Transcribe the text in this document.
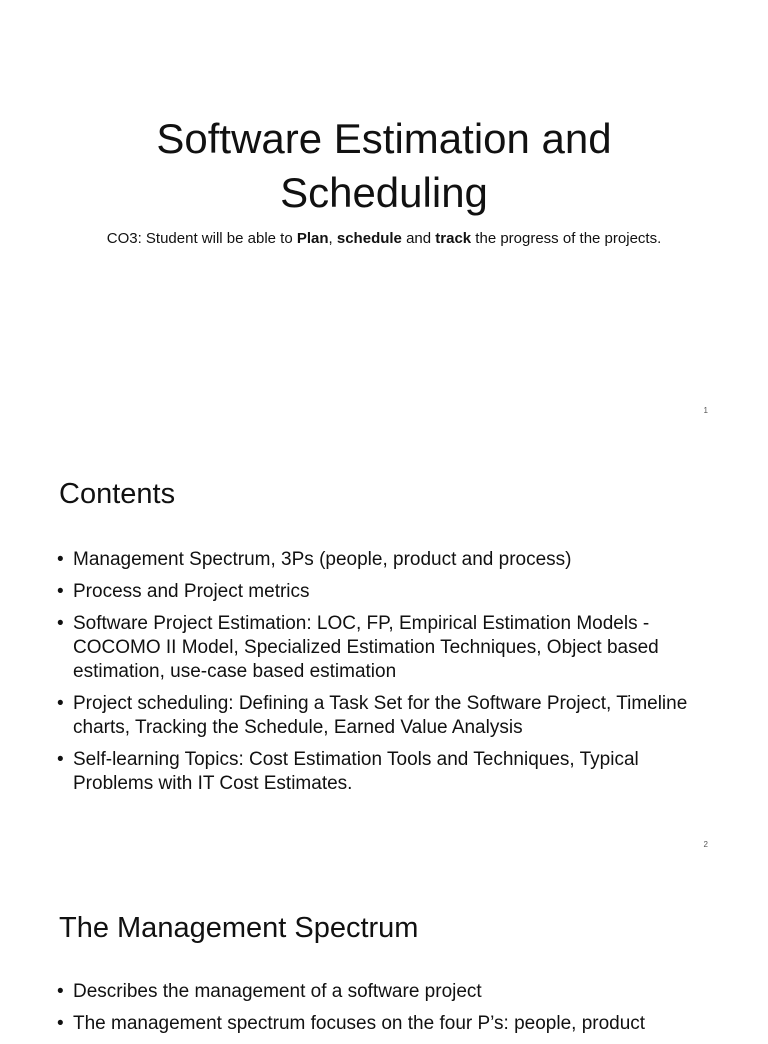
Software Estimation and Scheduling

CO3: Student will be able to Plan, schedule and track the progress of the projects.

1
Contents
• Management Spectrum, 3Ps (people, product and process)
• Process and Project metrics
• Software Project Estimation: LOC, FP, Empirical Estimation Models - COCOMO II Model, Specialized Estimation Techniques, Object based estimation, use-case based estimation
• Project scheduling: Defining a Task Set for the Software Project, Timeline charts, Tracking the Schedule, Earned Value Analysis
• Self-learning Topics: Cost Estimation Tools and Techniques, Typical Problems with IT Cost Estimates.
2
The Management Spectrum
• Describes the management of a software project
• The management spectrum focuses on the four P’s: people, product
